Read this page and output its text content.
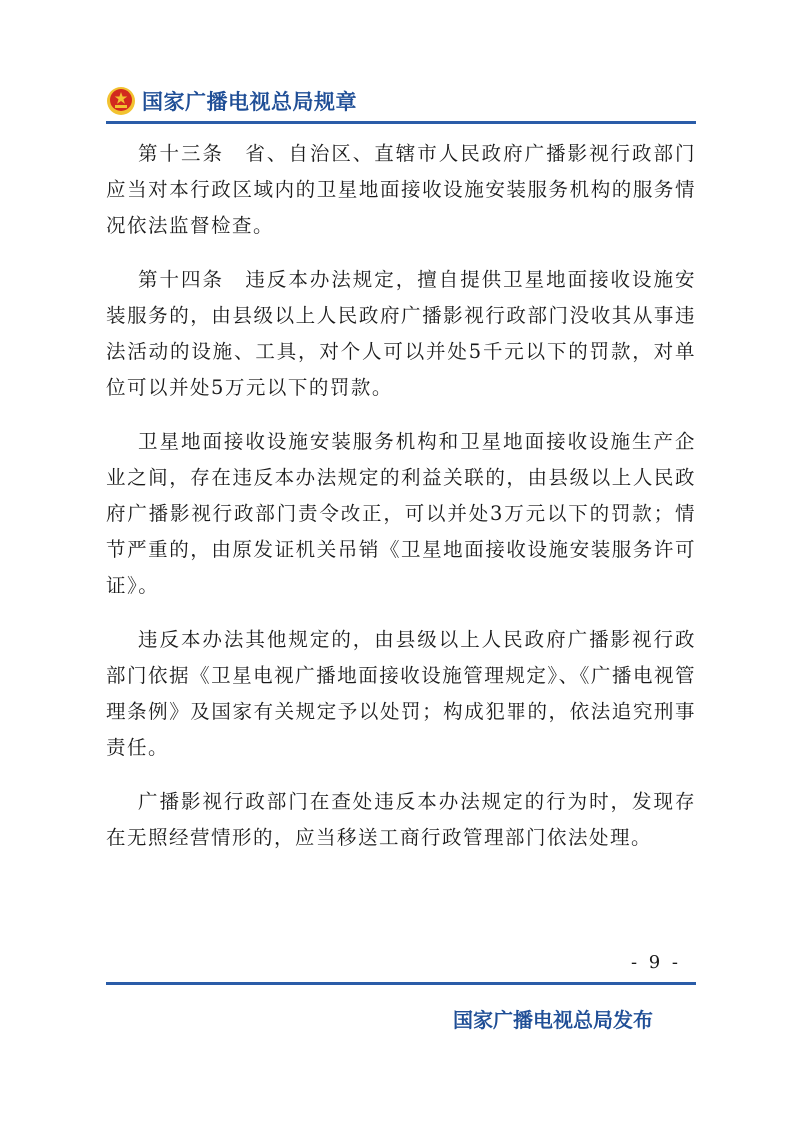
国家广播电视总局规章

第十三条　省、自治区、直辖市人民政府广播影视行政部门应当对本行政区域内的卫星地面接收设施安装服务机构的服务情况依法监督检查。

第十四条　违反本办法规定，擅自提供卫星地面接收设施安装服务的，由县级以上人民政府广播影视行政部门没收其从事违法活动的设施、工具，对个人可以并处5千元以下的罚款，对单位可以并处5万元以下的罚款。

卫星地面接收设施安装服务机构和卫星地面接收设施生产企业之间，存在违反本办法规定的利益关联的，由县级以上人民政府广播影视行政部门责令改正，可以并处3万元以下的罚款；情节严重的，由原发证机关吊销《卫星地面接收设施安装服务许可证》。

违反本办法其他规定的，由县级以上人民政府广播影视行政部门依据《卫星电视广播地面接收设施管理规定》、《广播电视管理条例》及国家有关规定予以处罚；构成犯罪的，依法追究刑事责任。

广播影视行政部门在查处违反本办法规定的行为时，发现存在无照经营情形的，应当移送工商行政管理部门依法处理。

- 9 -
国家广播电视总局发布
